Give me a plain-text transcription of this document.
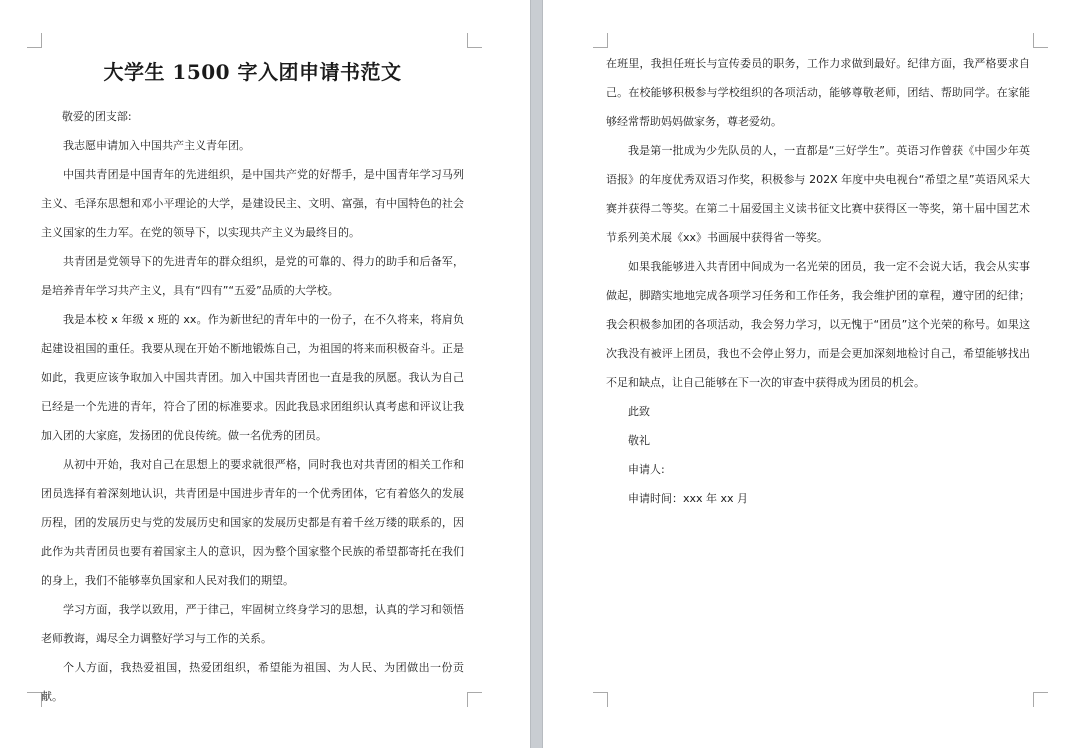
大学生 1500 字入团申请书范文

敬爱的团支部:

我志愿申请加入中国共产主义青年团。

中国共青团是中国青年的先进组织，是中国共产党的好帮手，是中国青年学习马列主义、毛泽东思想和邓小平理论的大学，是建设民主、文明、富强，有中国特色的社会主义国家的生力军。在党的领导下，以实现共产主义为最终目的。

共青团是党领导下的先进青年的群众组织，是党的可靠的、得力的助手和后备军，是培养青年学习共产主义，具有“四有”“五爱”品质的大学校。

我是本校 x 年级 x 班的 xx。作为新世纪的青年中的一份子，在不久将来，将肩负起建设祖国的重任。我要从现在开始不断地锻炼自己，为祖国的将来而积极奋斗。正是如此，我更应该争取加入中国共青团。加入中国共青团也一直是我的夙愿。我认为自己已经是一个先进的青年，符合了团的标准要求。因此我恳求团组织认真考虑和评议让我加入团的大家庭，发扬团的优良传统。做一名优秀的团员。

从初中开始，我对自己在思想上的要求就很严格，同时我也对共青团的相关工作和团员选择有着深刻地认识，共青团是中国进步青年的一个优秀团体，它有着悠久的发展历程，团的发展历史与党的发展历史和国家的发展历史都是有着千丝万缕的联系的，因此作为共青团员也要有着国家主人的意识，因为整个国家整个民族的希望都寄托在我们的身上，我们不能够辜负国家和人民对我们的期望。

学习方面，我学以致用，严于律己，牢固树立终身学习的思想，认真的学习和领悟老师教诲，竭尽全力调整好学习与工作的关系。

个人方面，我热爱祖国，热爱团组织，希望能为祖国、为人民、为团做出一份贡献。

在班里，我担任班长与宣传委员的职务，工作力求做到最好。纪律方面，我严格要求自己。在校能够积极参与学校组织的各项活动，能够尊敬老师，团结、帮助同学。在家能够经常帮助妈妈做家务，尊老爱幼。

我是第一批成为少先队员的人，一直都是“三好学生”。英语习作曾获《中国少年英语报》的年度优秀双语习作奖，积极参与 202X 年度中央电视台“希望之星”英语风采大赛并获得二等奖。在第二十届爱国主义读书征文比赛中获得区一等奖，第十届中国艺术节系列美术展《xx》书画展中获得省一等奖。

如果我能够进入共青团中间成为一名光荣的团员，我一定不会说大话，我会从实事做起，脚踏实地地完成各项学习任务和工作任务，我会维护团的章程，遵守团的纪律；我会积极参加团的各项活动，我会努力学习，以无愧于“团员”这个光荣的称号。如果这次我没有被评上团员，我也不会停止努力，而是会更加深刻地检讨自己，希望能够找出不足和缺点，让自己能够在下一次的审查中获得成为团员的机会。

此致

敬礼

申请人:

申请时间：xxx 年 xx 月
